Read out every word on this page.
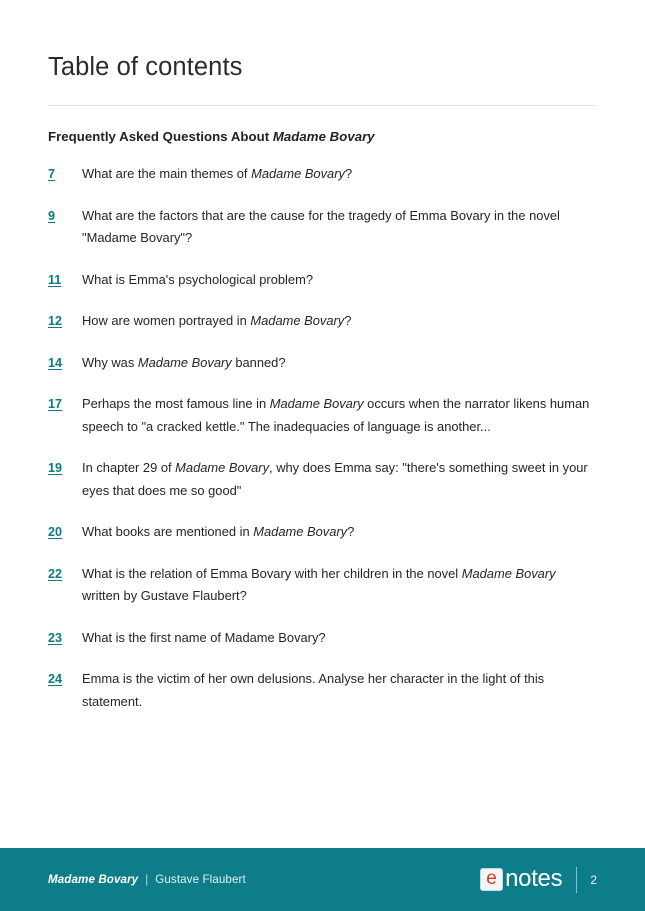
Table of contents
Frequently Asked Questions About Madame Bovary
7	What are the main themes of Madame Bovary?
9	What are the factors that are the cause for the tragedy of Emma Bovary in the novel "Madame Bovary"?
11	What is Emma's psychological problem?
12	How are women portrayed in Madame Bovary?
14	Why was Madame Bovary banned?
17	Perhaps the most famous line in Madame Bovary occurs when the narrator likens human speech to "a cracked kettle." The inadequacies of language is another...
19	In chapter 29 of Madame Bovary, why does Emma say: "there's something sweet in your eyes that does me so good"
20	What books are mentioned in Madame Bovary?
22	What is the relation of Emma Bovary with her children in the novel Madame Bovary written by Gustave Flaubert?
23	What is the first name of Madame Bovary?
24	Emma is the victim of her own delusions. Analyse her character in the light of this statement.
Madame Bovary | Gustave Flaubert	e notes 2
